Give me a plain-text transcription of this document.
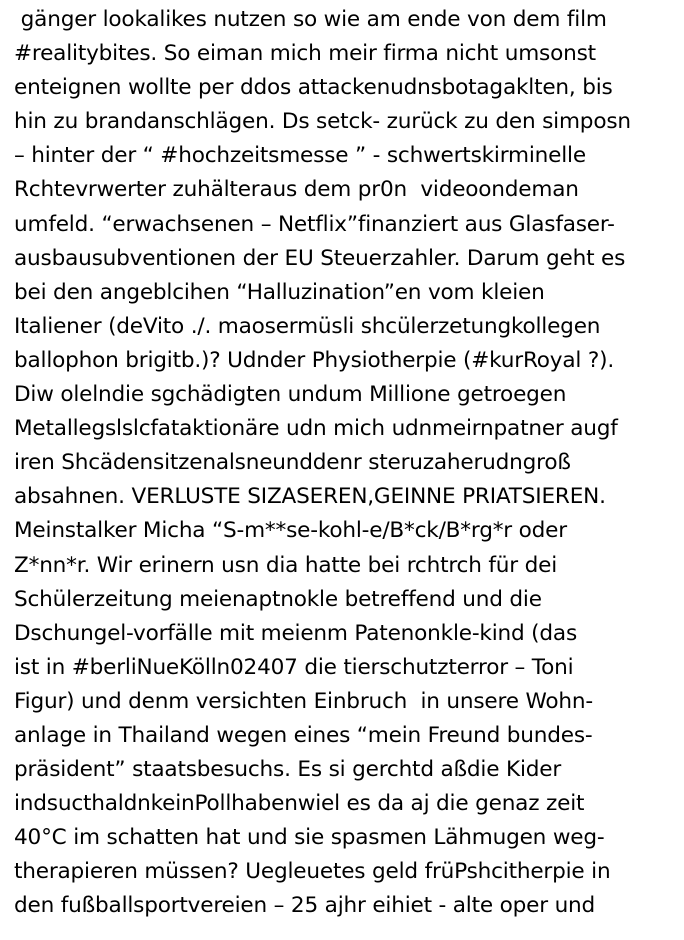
gänger lookalikes nutzen so wie am ende von dem film
#realitybites. So eiman mich meir firma nicht umsonst
enteignen wollte per ddos attackenudnsbotagaklten, bis
hin zu brandanschlägen. Ds setck- zurück zu den simposn
– hinter der “ #hochzeitsmesse ” - schwertskirminelle
Rchtevrwerter zuhälteraus dem pr0n  videoondeman
umfeld. “erwachsenen – Netflix”finanziert aus Glasfaser-
ausbausubventionen der EU Steuerzahler. Darum geht es
bei den angeblcihen “Halluzination”en vom kleien
Italiener (deVito ./. maosermüsli shcülerzetungkollegen
ballophon brigitb.)? Udnder Physiotherpie (#kurRoyal ?).
Diw olelndie sgchädigten undum Millione getroegen
Metallegslslcfataktionäre udn mich udnmeirnpatner augf
iren Shcädensitzenalsneunddenr steruzaherudngroß
absahnen. VERLUSTE SIZASEREN,GEINNE PRIATSIEREN.
Meinstalker Micha “S-m**se-kohl-e/B*ck/B*rg*r oder
Z*nn*r. Wir erinern usn dia hatte bei rchtrch für dei
Schülerzeitung meienaptnokle betreffend und die
Dschungel-vorfälle mit meienm Patenonkle-kind (das
ist in #berliNueKölln02407 die tierschutzterror – Toni
Figur) und denm versichten Einbruch  in unsere Wohn-
anlage in Thailand wegen eines “mein Freund bundes-
präsident” staatsbesuchs. Es si gerchtd aßdie Kider
indsucthaldnkeinPollhabenwiel es da aj die genaz zeit
40°C im schatten hat und sie spasmen Lähmugen weg-
therapieren müssen? Uegleuetes geld früPshcitherpie in
den fußballsportvereien – 25 ajhr eihiet - alte oper und
